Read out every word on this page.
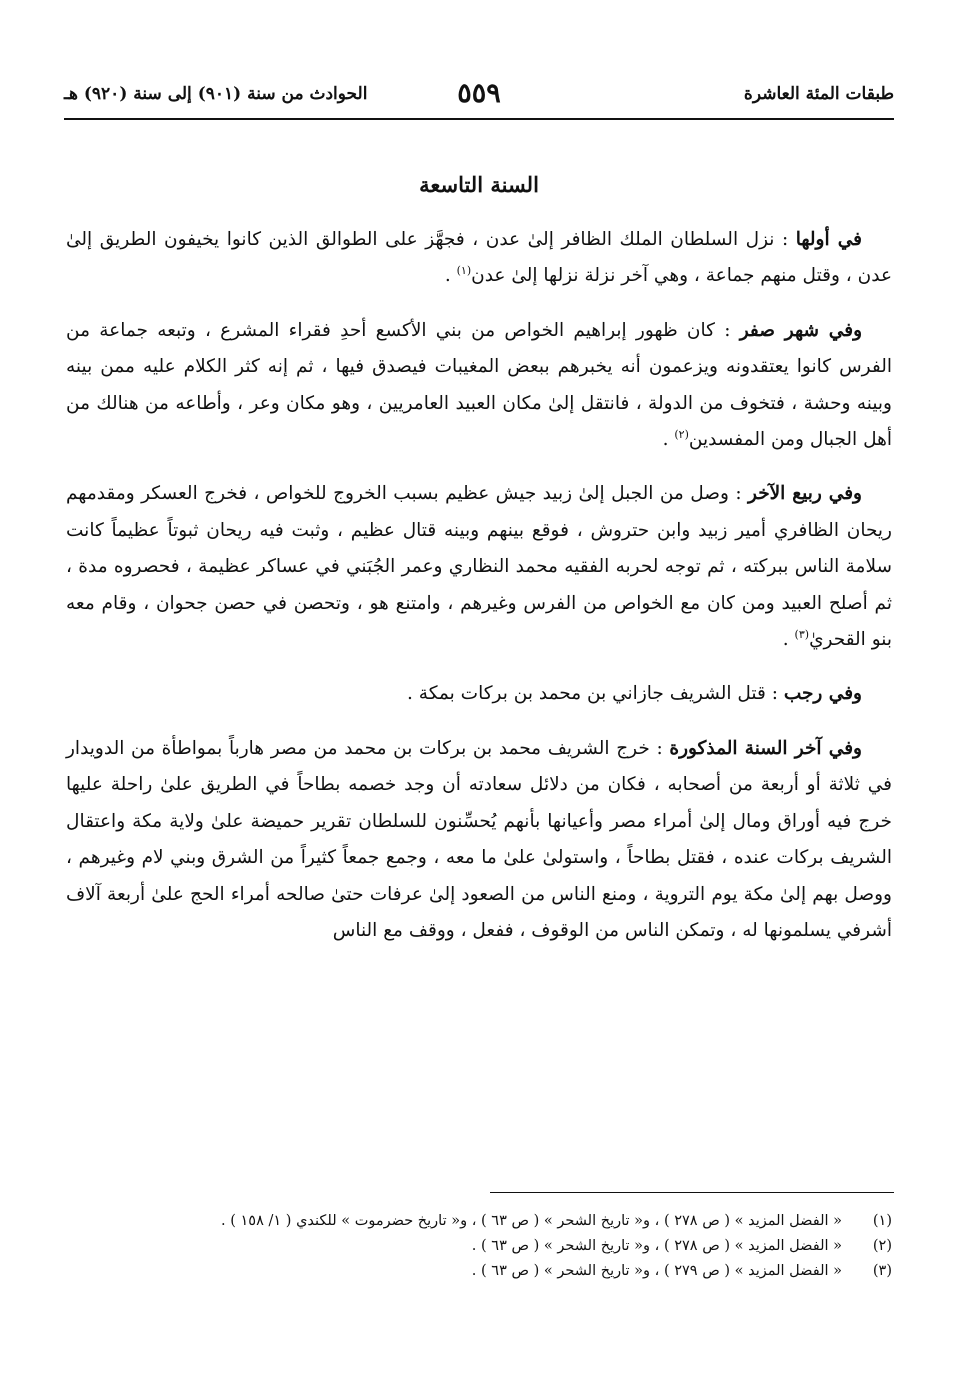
طبقات المئة العاشرة
٥٥٩
الحوادث من سنة (٩٠١) إلى سنة (٩٢٠) هـ
السنة التاسعة

في أولها : نزل السلطان الملك الظافر إلىٰ عدن ، فجهَّز على الطوالق الذين كانوا يخيفون الطريق إلىٰ عدن ، وقتل منهم جماعة ، وهي آخر نزلة نزلها إلىٰ عدن$^{(١)}$ .

وفي شهر صفر : كان ظهور إبراهيم الخواص من بني الأكسع أحدِ فقراء المشرع ، وتبعه جماعة من الفرس كانوا يعتقدونه ويزعمون أنه يخبرهم ببعض المغيبات فيصدق فيها ، ثم إنه كثر الكلام عليه ممن بينه وبينه وحشة ، فتخوف من الدولة ، فانتقل إلىٰ مكان العبيد العامريين ، وهو مكان وعر ، وأطاعه من هنالك من أهل الجبال ومن المفسدين$^{(٢)}$ .

وفي ربيع الآخر : وصل من الجبل إلىٰ زبيد جيش عظيم بسبب الخروج للخواص ، فخرج العسكر ومقدمهم ريحان الظافري أمير زبيد وابن حتروش ، فوقع بينهم وبينه قتال عظيم ، وثبت فيه ريحان ثبوتاً عظيماً كانت سلامة الناس ببركته ، ثم توجه لحربه الفقيه محمد النظاري وعمر الجُبَني في عساكر عظيمة ، فحصروه مدة ، ثم أصلح العبيد ومن كان مع الخواص من الفرس وغيرهم ، وامتنع هو ، وتحصن في حصن جحوان ، وقام معه بنو القحريٰ$^{(٣)}$ .

وفي رجب : قتل الشريف جازاني بن محمد بن بركات بمكة .

وفي آخر السنة المذكورة : خرج الشريف محمد بن بركات بن محمد من مصر هارباً بمواطأة من الدويدار في ثلاثة أو أربعة من أصحابه ، فكان من دلائل سعادته أن وجد خصمه بطاحاً في الطريق علىٰ راحلة عليها خرج فيه أوراق ومال إلىٰ أمراء مصر وأعيانها بأنهم يُحسِّنون للسلطان تقرير حميضة علىٰ ولاية مكة واعتقال الشريف بركات عنده ، فقتل بطاحاً ، واستولىٰ علىٰ ما معه ، وجمع جمعاً كثيراً من الشرق وبني لام وغيرهم ، ووصل بهم إلىٰ مكة يوم التروية ، ومنع الناس من الصعود إلىٰ عرفات حتىٰ صالحه أمراء الحج علىٰ أربعة آلاف أشرفي يسلمونها له ، وتمكن الناس من الوقوف ، ففعل ، ووقف مع الناس

(١)
« الفضل المزيد » ( ص ٢٧٨ ) ، و« تاريخ الشحر » ( ص ٦٣ ) ، و« تاريخ حضرموت » للكندي ( ١/ ١٥٨ ) .
(٢)
« الفضل المزيد » ( ص ٢٧٨ ) ، و« تاريخ الشحر » ( ص ٦٣ ) .
(٣)
« الفضل المزيد » ( ص ٢٧٩ ) ، و« تاريخ الشحر » ( ص ٦٣ ) .
